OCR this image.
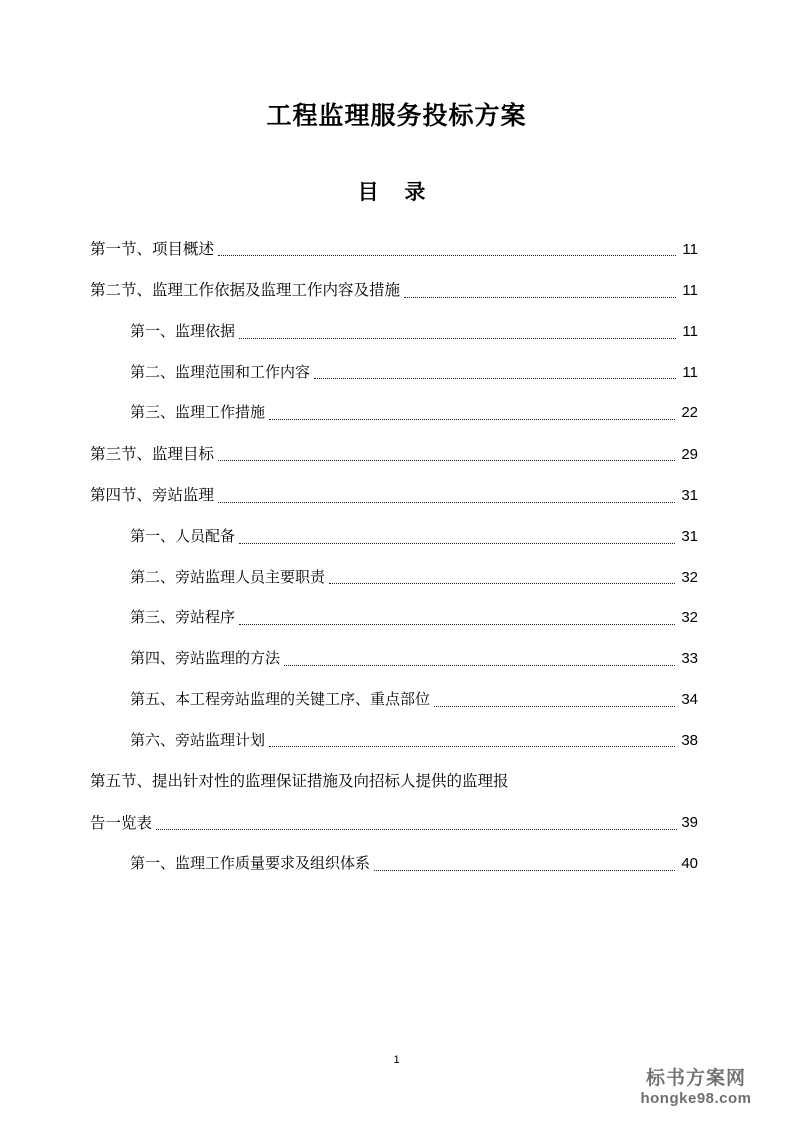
工程监理服务投标方案
目 录
第一节、项目概述	11
第二节、监理工作依据及监理工作内容及措施	11
第一、监理依据	11
第二、监理范围和工作内容	11
第三、监理工作措施	22
第三节、监理目标	29
第四节、旁站监理	31
第一、人员配备	31
第二、旁站监理人员主要职责	32
第三、旁站程序	32
第四、旁站监理的方法	33
第五、本工程旁站监理的关键工序、重点部位	34
第六、旁站监理计划	38
第五节、提出针对性的监理保证措施及向招标人提供的监理报
告一览表	39
第一、监理工作质量要求及组织体系	40
1
标书方案网
hongke98.com
